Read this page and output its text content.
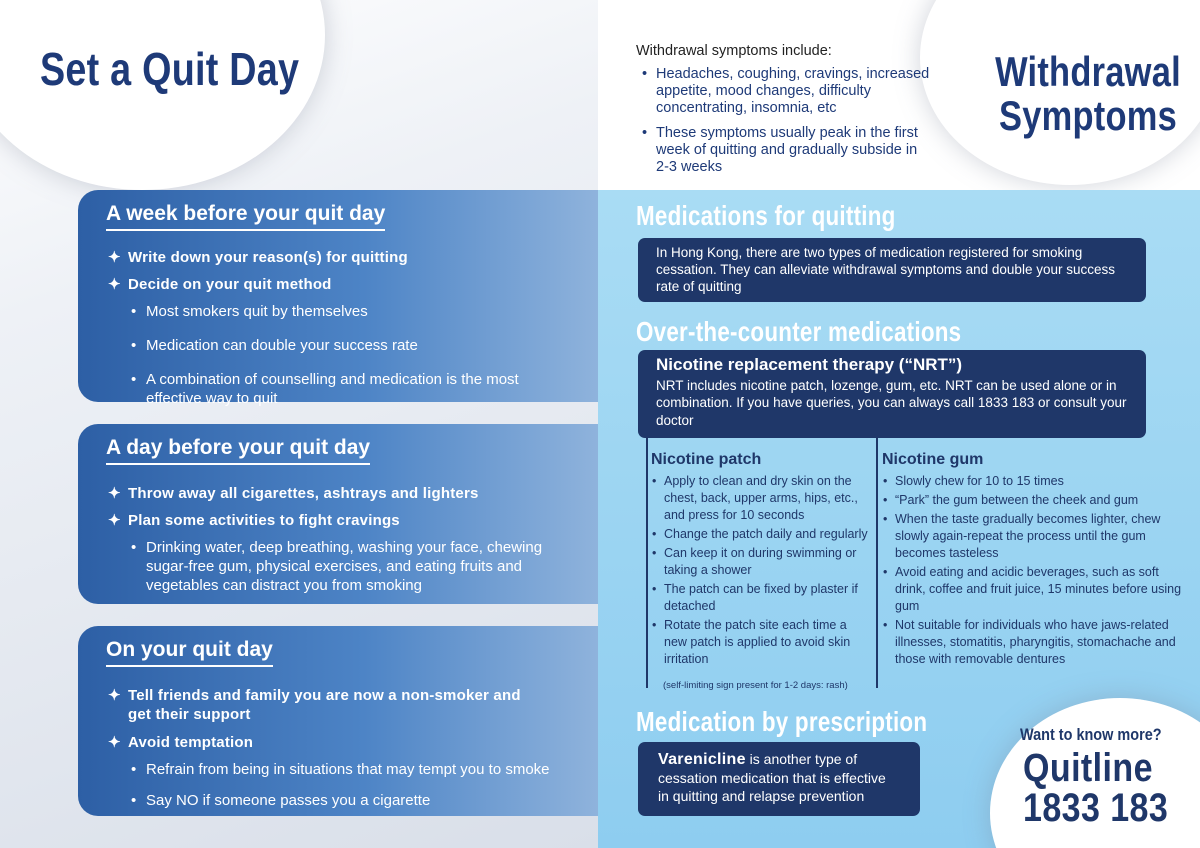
Set a Quit Day	Withdrawal
Symptoms
Withdrawal symptoms include:
• Headaches, coughing, cravings, increased appetite, mood changes, difficulty concentrating, insomnia, etc
• These symptoms usually peak in the first week of quitting and gradually subside in 2-3 weeks
A week before your quit day
✦ Write down your reason(s) for quitting
✦ Decide on your quit method
• Most smokers quit by themselves
• Medication can double your success rate
• A combination of counselling and medication is the most effective way to quit
A day before your quit day
✦ Throw away all cigarettes, ashtrays and lighters
✦ Plan some activities to fight cravings
• Drinking water, deep breathing, washing your face, chewing sugar-free gum, physical exercises, and eating fruits and vegetables can distract you from smoking
On your quit day
✦ Tell friends and family you are now a non-smoker and get their support
✦ Avoid temptation
• Refrain from being in situations that may tempt you to smoke
• Say NO if someone passes you a cigarette
Medications for quitting
In Hong Kong, there are two types of medication registered for smoking cessation. They can alleviate withdrawal symptoms and double your success rate of quitting
Over-the-counter medications
Nicotine replacement therapy (“NRT”)
NRT includes nicotine patch, lozenge, gum, etc. NRT can be used alone or in combination. If you have queries, you can always call 1833 183 or consult your doctor
Nicotine patch
• Apply to clean and dry skin on the chest, back, upper arms, hips, etc., and press for 10 seconds
• Change the patch daily and regularly
• Can keep it on during swimming or taking a shower
• The patch can be fixed by plaster if detached
• Rotate the patch site each time a new patch is applied to avoid skin irritation
(self-limiting sign present for 1-2 days: rash)
Nicotine gum
• Slowly chew for 10 to 15 times
• “Park” the gum between the cheek and gum
• When the taste gradually becomes lighter, chew slowly again-repeat the process until the gum becomes tasteless
• Avoid eating and acidic beverages, such as soft drink, coffee and fruit juice, 15 minutes before using gum
• Not suitable for individuals who have jaws-related illnesses, stomatitis, pharyngitis, stomachache and those with removable dentures
Medication by prescription
Varenicline is another type of cessation medication that is effective in quitting and relapse prevention
Want to know more?
Quitline
1833 183
